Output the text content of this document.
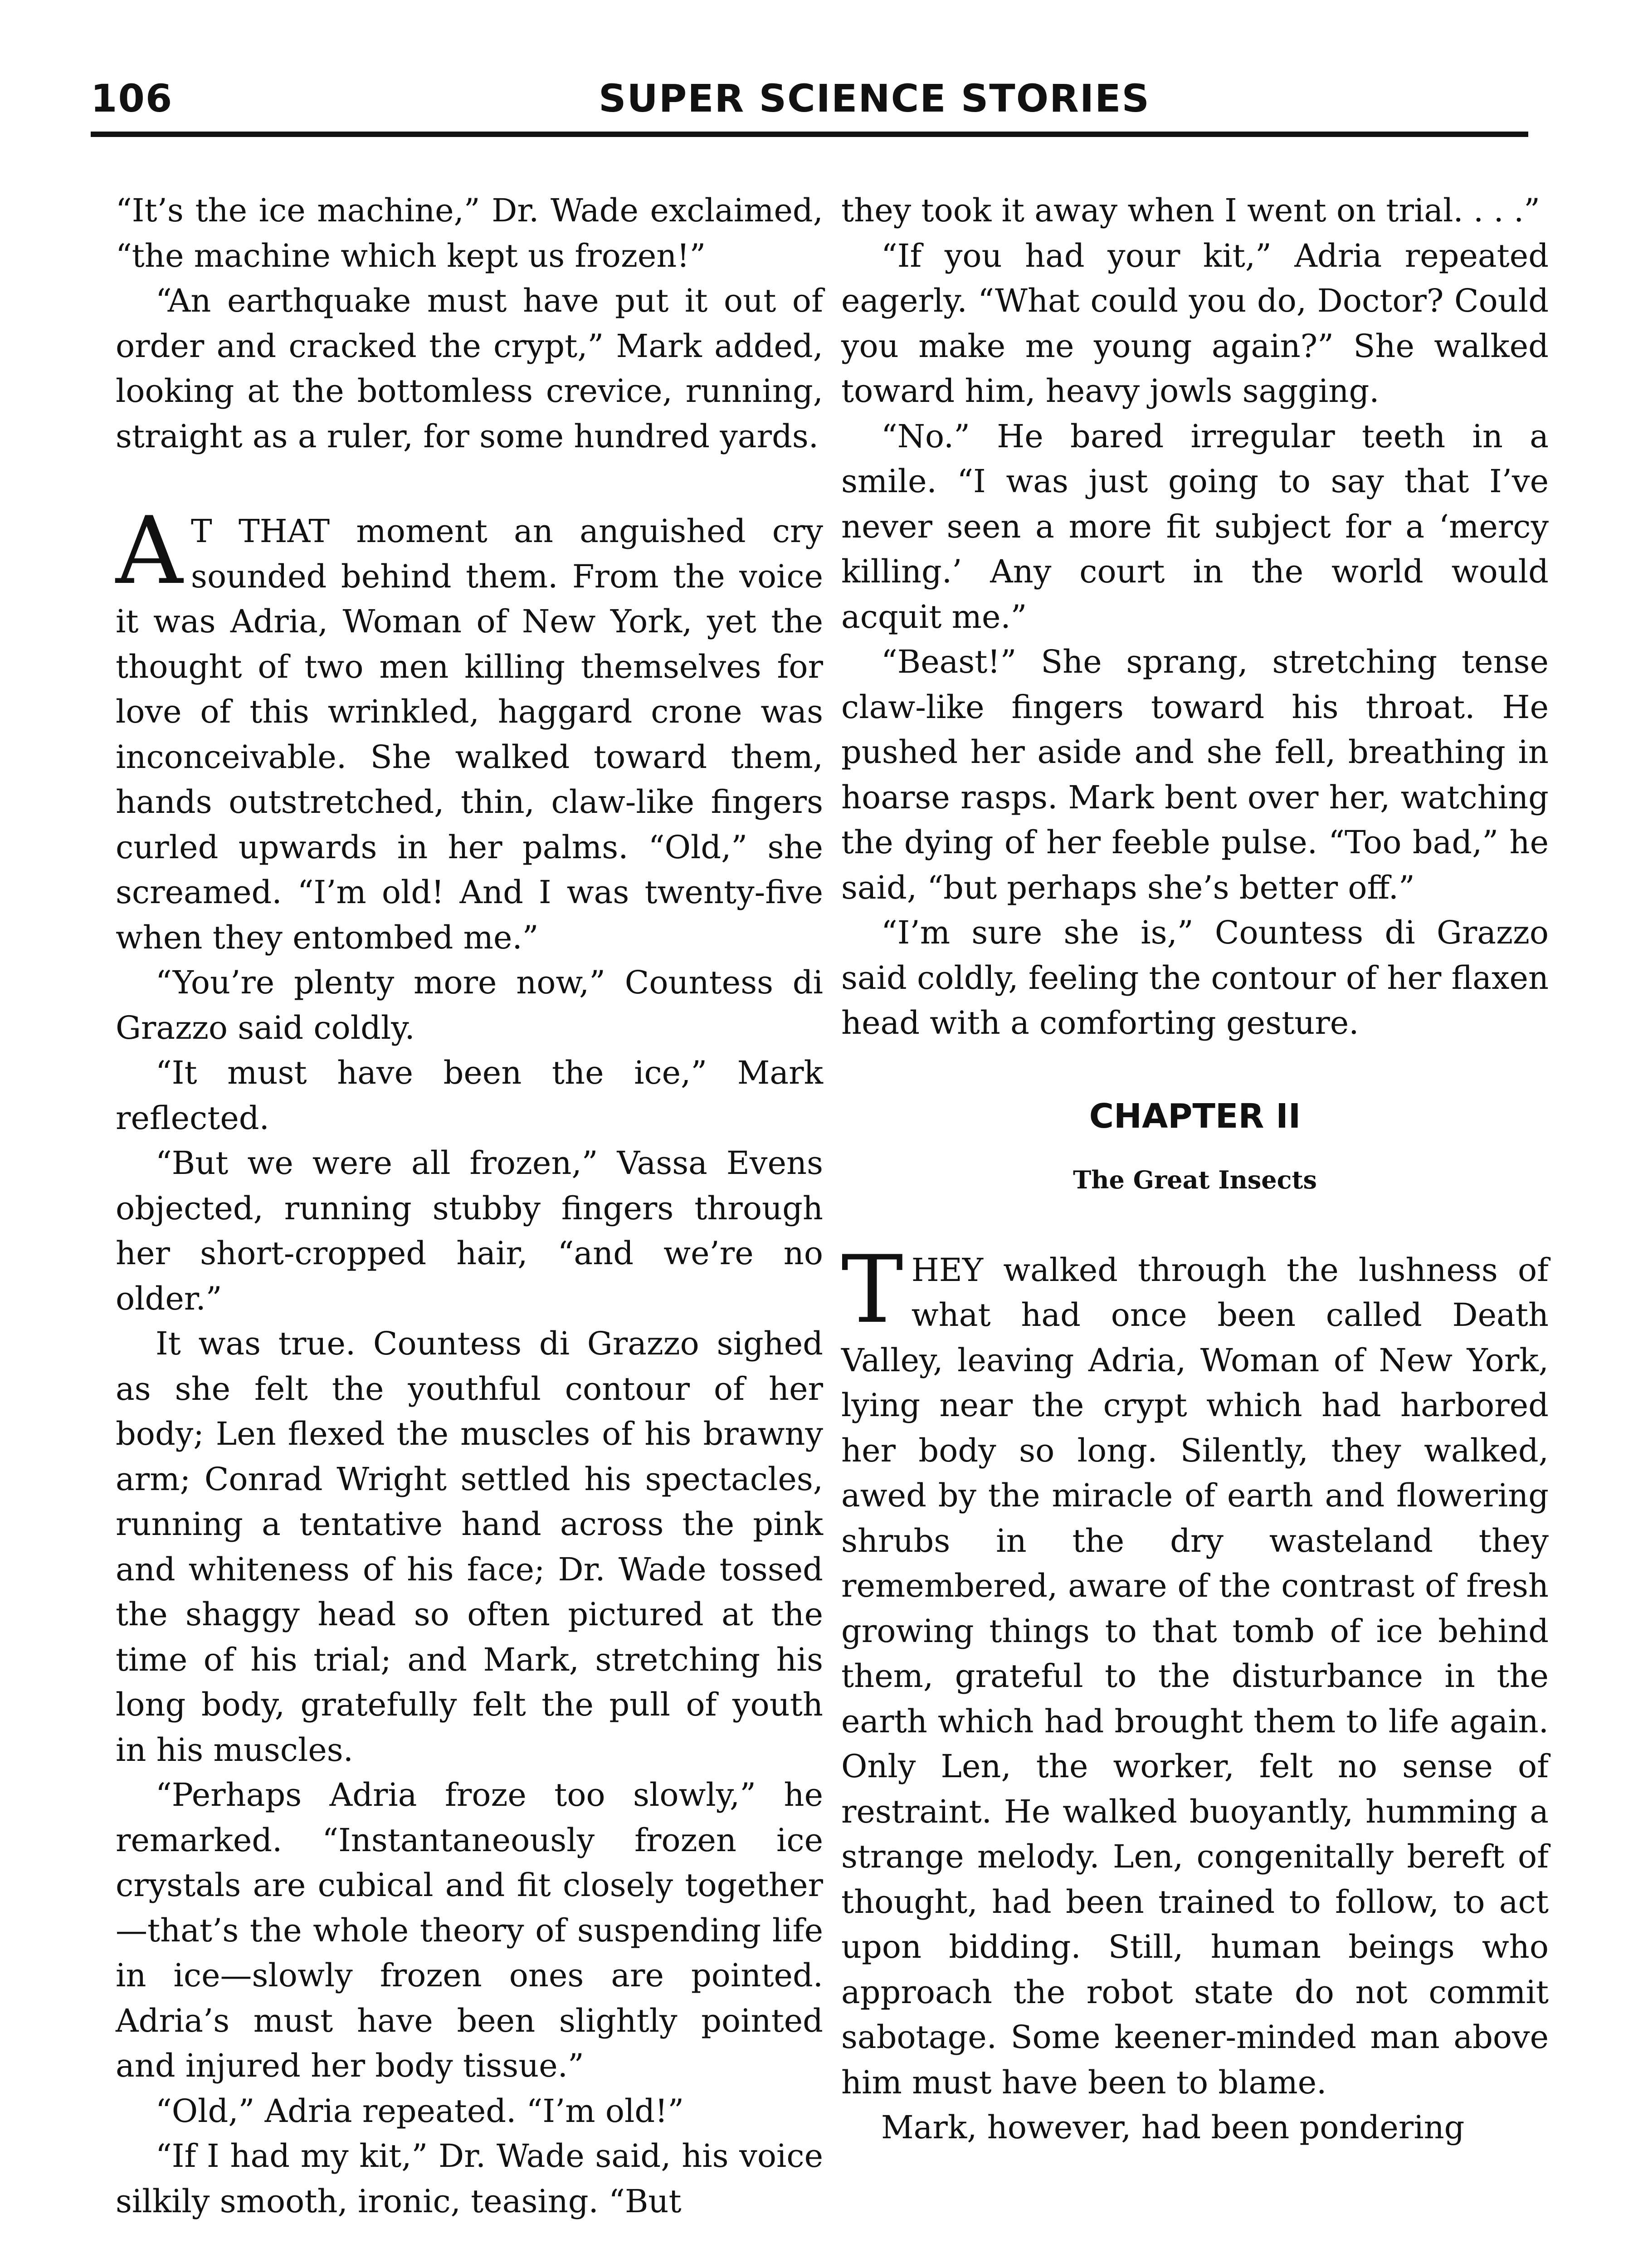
106	SUPER SCIENCE STORIES

“It’s the ice machine,” Dr. Wade exclaimed, “the machine which kept us frozen!”

“An earthquake must have put it out of order and cracked the crypt,” Mark added, looking at the bottomless crevice, running, straight as a ruler, for some hundred yards.

A T THAT moment an anguished cry sounded behind them. From the voice it was Adria, Woman of New York, yet the thought of two men killing themselves for love of this wrinkled, haggard crone was inconceivable. She walked toward them, hands outstretched, thin, claw-like fingers curled upwards in her palms. “Old,” she screamed. “I’m old! And I was twenty-five when they entombed me.”

“You’re plenty more now,” Countess di Grazzo said coldly.

“It must have been the ice,” Mark reflected.

“But we were all frozen,” Vassa Evens objected, running stubby fingers through her short-cropped hair, “and we’re no older.”

It was true. Countess di Grazzo sighed as she felt the youthful contour of her body; Len flexed the muscles of his brawny arm; Conrad Wright settled his spectacles, running a tentative hand across the pink and whiteness of his face; Dr. Wade tossed the shaggy head so often pictured at the time of his trial; and Mark, stretching his long body, gratefully felt the pull of youth in his muscles.

“Perhaps Adria froze too slowly,” he remarked. “Instantaneously frozen ice crystals are cubical and fit closely together—that’s the whole theory of suspending life in ice—slowly frozen ones are pointed. Adria’s must have been slightly pointed and injured her body tissue.”

“Old,” Adria repeated. “I’m old!”

“If I had my kit,” Dr. Wade said, his voice silkily smooth, ironic, teasing. “But

they took it away when I went on trial. . . .”

“If you had your kit,” Adria repeated eagerly. “What could you do, Doctor? Could you make me young again?” She walked toward him, heavy jowls sagging.

“No.” He bared irregular teeth in a smile. “I was just going to say that I’ve never seen a more fit subject for a ‘mercy killing.’ Any court in the world would acquit me.”

“Beast!” She sprang, stretching tense claw-like fingers toward his throat. He pushed her aside and she fell, breathing in hoarse rasps. Mark bent over her, watching the dying of her feeble pulse. “Too bad,” he said, “but perhaps she’s better off.”

“I’m sure she is,” Countess di Grazzo said coldly, feeling the contour of her flaxen head with a comforting gesture.

CHAPTER II
The Great Insects

THEY walked through the lushness of what had once been called Death Valley, leaving Adria, Woman of New York, lying near the crypt which had harbored her body so long. Silently, they walked, awed by the miracle of earth and flowering shrubs in the dry wasteland they remembered, aware of the contrast of fresh growing things to that tomb of ice behind them, grateful to the disturbance in the earth which had brought them to life again. Only Len, the worker, felt no sense of restraint. He walked buoyantly, humming a strange melody. Len, congenitally bereft of thought, had been trained to follow, to act upon bidding. Still, human beings who approach the robot state do not commit sabotage. Some keener-minded man above him must have been to blame.

Mark, however, had been pondering
